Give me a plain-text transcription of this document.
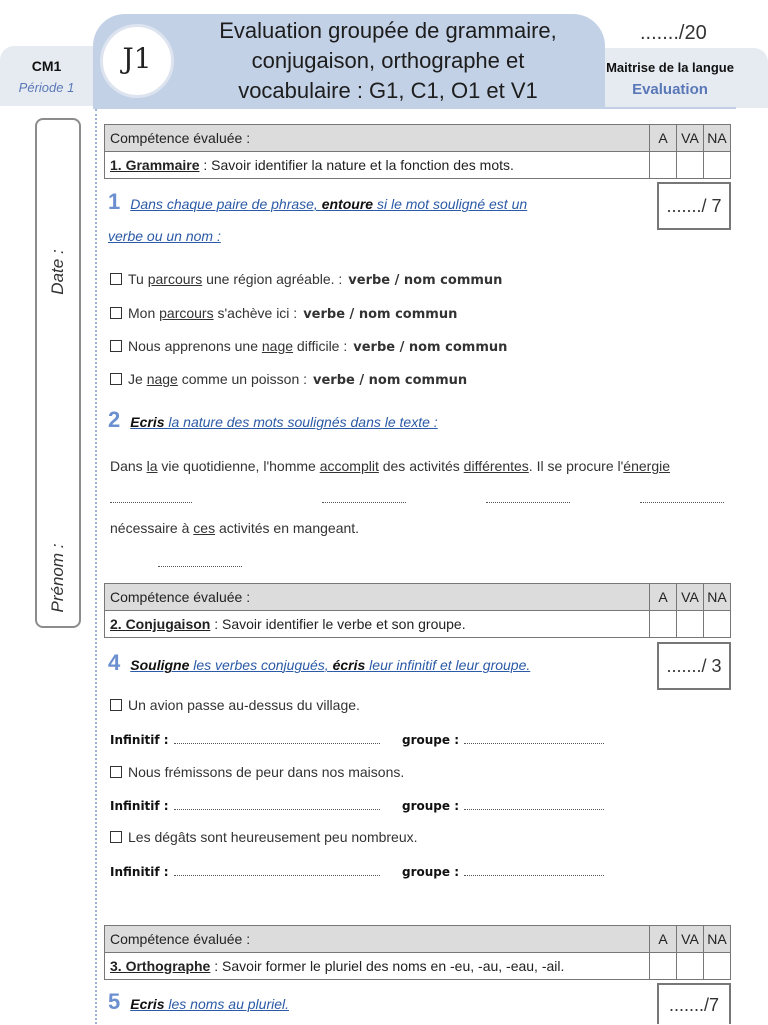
CM1
Période 1
J1
Evaluation groupée de grammaire,
conjugaison, orthographe et
vocabulaire : G1, C1, O1 et V1
......./20
Maitrise de la langue
Evaluation
Date :
Prénom :
Compétence évaluée :	A	VA	NA
1. Grammaire : Savoir identifier la nature et la fonction des mots.			
1 Dans chaque paire de phrase, entoure si le mot souligné est un
verbe ou un nom :
......./ 7
Tu parcours une région agréable. : verbe / nom commun
Mon parcours s'achève ici : verbe / nom commun
Nous apprenons une nage difficile : verbe / nom commun
Je nage comme un poisson : verbe / nom commun
2 Ecris la nature des mots soulignés dans le texte :
Dans la vie quotidienne, l'homme accomplit des activités différentes. Il se procure l'énergie
nécessaire à ces activités en mangeant.
Compétence évaluée :	A	VA	NA
2. Conjugaison : Savoir identifier le verbe et son groupe.			
4 Souligne les verbes conjugués, écris leur infinitif et leur groupe.	......./ 3
Un avion passe au-dessus du village.
Infinitif :	groupe :
Nous frémissons de peur dans nos maisons.
Infinitif :	groupe :
Les dégâts sont heureusement peu nombreux.
Infinitif :	groupe :
Compétence évaluée :	A	VA	NA
3. Orthographe : Savoir former le pluriel des noms en -eu, -au, -eau, -ail.			
5 Ecris les noms au pluriel.	......./7
